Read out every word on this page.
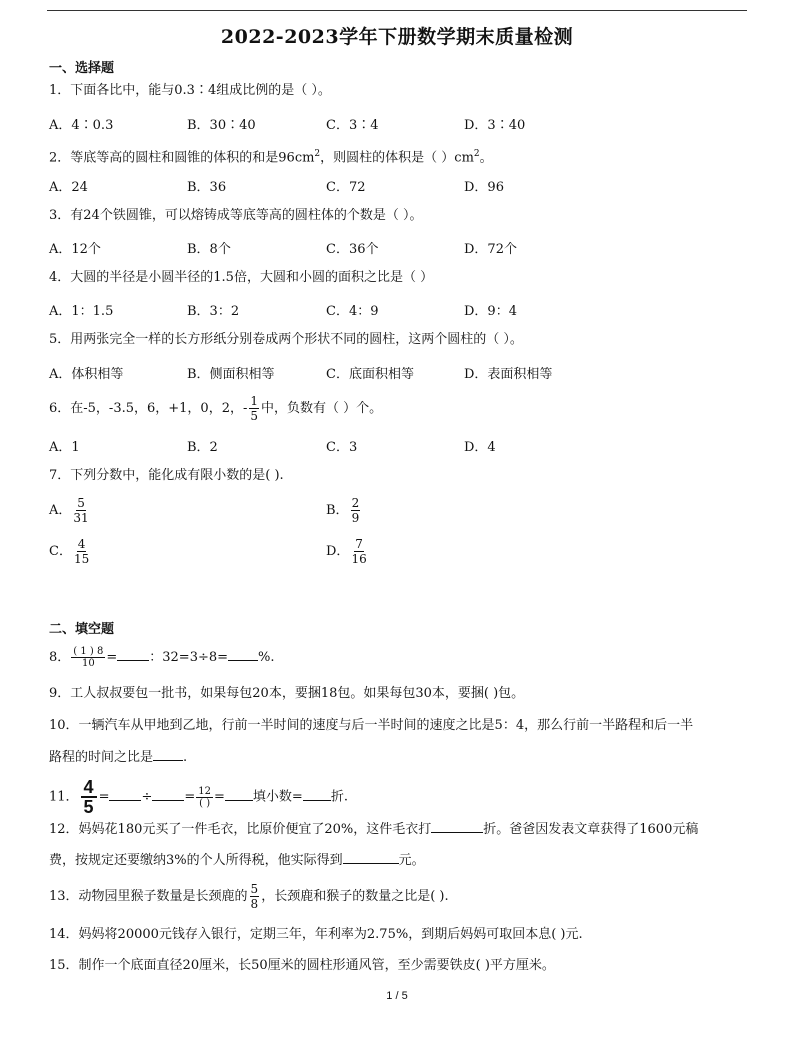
2022-2023学年下册数学期末质量检测
一、选择题
1．下面各比中，能与0.3∶4组成比例的是（ ）。
A．4∶0.3	B．30∶40	C．3∶4	D．3∶40
2．等底等高的圆柱和圆锥的体积的和是$96cm^2$，则圆柱的体积是（ ）$cm^2$。
A．24	B．36	C．72	D．96
3．有24个铁圆锥，可以熔铸成等底等高的圆柱体的个数是（ ）。
A．12个	B．8个	C．36个	D．72个
4．大圆的半径是小圆半径的1.5倍，大圆和小圆的面积之比是（ ）
A．1：1.5	B．3：2	C．4：9	D．9：4
5．用两张完全一样的长方形纸分别卷成两个形状不同的圆柱，这两个圆柱的（ ）。
A．体积相等	B．侧面积相等	C．底面积相等	D．表面积相等
6．在-5，-3.5，6，+1，0，2，- $\frac{1}{5}$ 中，负数有（ ）个。
A．1	B．2	C．3	D．4
7．下列分数中，能化成有限小数的是( ).
A． $\frac{5}{31}$	B． $\frac{2}{9}$
C． $\frac{4}{15}$	D． $\frac{7}{16}$
二、填空题
8． $\frac{( 1 ) 8}{10}$ = ：32=3÷8= %.
9．工人叔叔要包一批书，如果每包20本，要捆18包。如果每包30本，要捆( )包。
10．一辆汽车从甲地到乙地，行前一半时间的速度与后一半时间的速度之比是5：4，那么行前一半路程和后一半
路程的时间之比是 .
11． $\frac{4}{5}$ = ÷ = 12
( ) = 填小数= 折.
12．妈妈花180元买了一件毛衣，比原价便宜了20%，这件毛衣打	折。爸爸因发表文章获得了1600元稿
费，按规定还要缴纳3%的个人所得税，他实际得到	元。
13．动物园里猴子数量是长颈鹿的 $\frac{5}{8}$ ，长颈鹿和猴子的数量之比是( ).
14．妈妈将20000元钱存入银行，定期三年，年利率为2.75%，到期后妈妈可取回本息( )元.
15．制作一个底面直径20厘米，长50厘米的圆柱形通风管，至少需要铁皮( )平方厘米。
1 / 5
